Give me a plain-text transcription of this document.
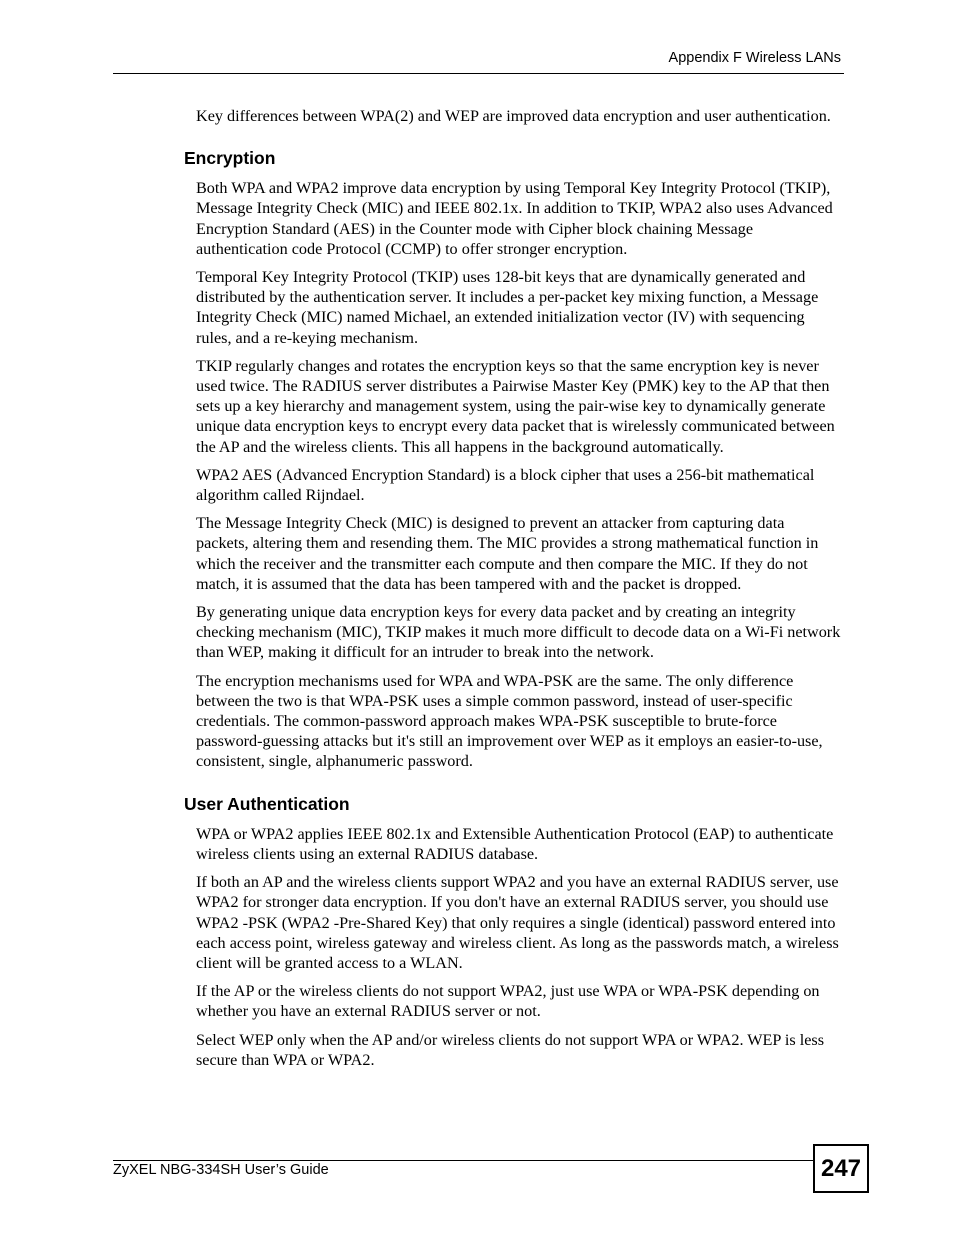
Appendix F Wireless LANs

Key differences between WPA(2) and WEP are improved data encryption and user authentication.

Encryption

Both WPA and WPA2 improve data encryption by using Temporal Key Integrity Protocol (TKIP), Message Integrity Check (MIC) and IEEE 802.1x. In addition to TKIP, WPA2 also uses Advanced Encryption Standard (AES) in the Counter mode with Cipher block chaining Message authentication code Protocol (CCMP) to offer stronger encryption.

Temporal Key Integrity Protocol (TKIP) uses 128-bit keys that are dynamically generated and distributed by the authentication server. It includes a per-packet key mixing function, a Message Integrity Check (MIC) named Michael, an extended initialization vector (IV) with sequencing rules, and a re-keying mechanism.

TKIP regularly changes and rotates the encryption keys so that the same encryption key is never used twice. The RADIUS server distributes a Pairwise Master Key (PMK) key to the AP that then sets up a key hierarchy and management system, using the pair-wise key to dynamically generate unique data encryption keys to encrypt every data packet that is wirelessly communicated between the AP and the wireless clients. This all happens in the background automatically.

WPA2 AES (Advanced Encryption Standard) is a block cipher that uses a 256-bit mathematical algorithm called Rijndael.

The Message Integrity Check (MIC) is designed to prevent an attacker from capturing data packets, altering them and resending them. The MIC provides a strong mathematical function in which the receiver and the transmitter each compute and then compare the MIC. If they do not match, it is assumed that the data has been tampered with and the packet is dropped.

By generating unique data encryption keys for every data packet and by creating an integrity checking mechanism (MIC), TKIP makes it much more difficult to decode data on a Wi-Fi network than WEP, making it difficult for an intruder to break into the network.

The encryption mechanisms used for WPA and WPA-PSK are the same. The only difference between the two is that WPA-PSK uses a simple common password, instead of user-specific credentials. The common-password approach makes WPA-PSK susceptible to brute-force password-guessing attacks but it's still an improvement over WEP as it employs an easier-to-use, consistent, single, alphanumeric password.

User Authentication

WPA or WPA2 applies IEEE 802.1x and Extensible Authentication Protocol (EAP) to authenticate wireless clients using an external RADIUS database.

If both an AP and the wireless clients support WPA2 and you have an external RADIUS server, use WPA2 for stronger data encryption. If you don't have an external RADIUS server, you should use WPA2 -PSK (WPA2 -Pre-Shared Key) that only requires a single (identical) password entered into each access point, wireless gateway and wireless client. As long as the passwords match, a wireless client will be granted access to a WLAN.

If the AP or the wireless clients do not support WPA2, just use WPA or WPA-PSK depending on whether you have an external RADIUS server or not.

Select WEP only when the AP and/or wireless clients do not support WPA or WPA2. WEP is less secure than WPA or WPA2.

ZyXEL NBG-334SH User’s Guide	247
